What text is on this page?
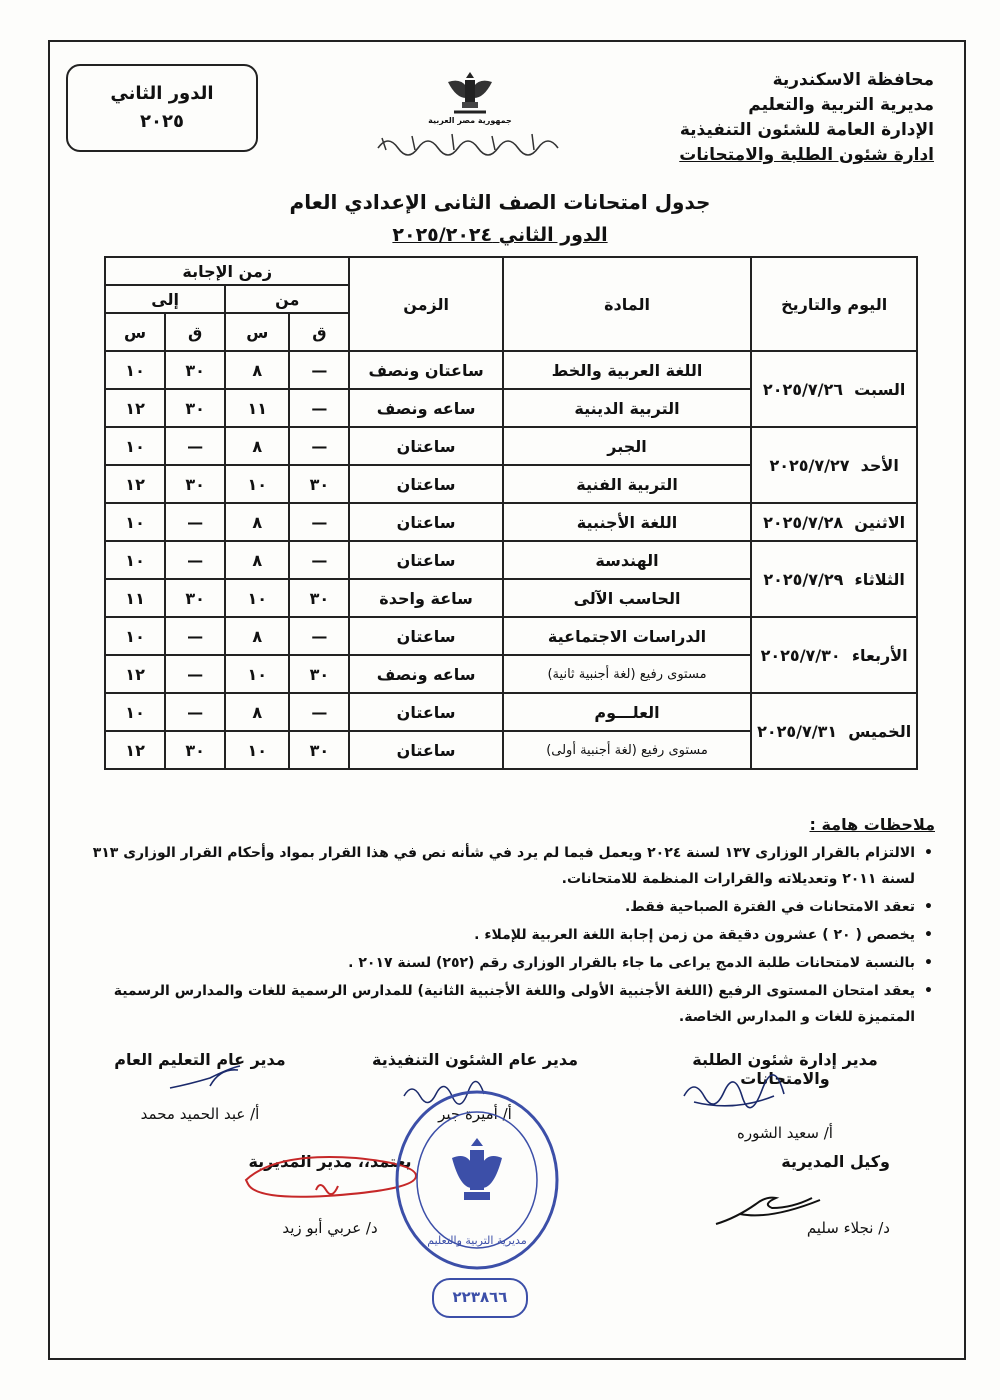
محافظة الاسكندرية
مديرية التربية والتعليم
الإدارة العامة للشئون التنفيذية
ادارة شئون الطلبة والامتحانات
جمهورية مصر العربية
الدور الثاني
٢٠٢٥
جدول امتحانات الصف الثانى الإعدادي العام
الدور الثاني ٢٠٢٥/٢٠٢٤
اليوم والتاريخ	المادة	الزمن	زمن الإجابة			
			من		إلى	
			ق	س	ق	س
السبت  ٢٠٢٥/٧/٢٦	اللغة العربية والخط	ساعتان ونصف	—	٨	٣٠	١٠
	التربية الدينية	ساعه ونصف	—	١١	٣٠	١٢
الأحد  ٢٠٢٥/٧/٢٧	الجبر	ساعتان	—	٨	—	١٠
	التربية الفنية	ساعتان	٣٠	١٠	٣٠	١٢
الاثنين  ٢٠٢٥/٧/٢٨	اللغة الأجنبية	ساعتان	—	٨	—	١٠
الثلاثاء  ٢٠٢٥/٧/٢٩	الهندسة	ساعتان	—	٨	—	١٠
	الحاسب الآلى	ساعة واحدة	٣٠	١٠	٣٠	١١
الأربعاء  ٢٠٢٥/٧/٣٠	الدراسات الاجتماعية	ساعتان	—	٨	—	١٠
	مستوى رفيع (لغة أجنبية ثانية)	ساعه ونصف	٣٠	١٠	—	١٢
الخميس  ٢٠٢٥/٧/٣١	العلـــوم	ساعتان	—	٨	—	١٠
	مستوى رفيع (لغة أجنبية أولى)	ساعتان	٣٠	١٠	٣٠	١٢
ملاحظات هامة :
• الالتزام بالقرار الوزارى ١٣٧ لسنة ٢٠٢٤ ويعمل فيما لم يرد في شأنه نص في هذا القرار بمواد وأحكام القرار الوزارى ٣١٣ لسنة ٢٠١١ وتعديلاته والقرارات المنظمة للامتحانات.
• تعقد الامتحانات في الفترة الصباحية فقط.
• يخصص ( ٢٠ ) عشرون دقيقة من زمن إجابة اللغة العربية للإملاء .
• بالنسبة لامتحانات طلبة الدمج يراعى ما جاء بالقرار الوزارى رقم (٢٥٢) لسنة ٢٠١٧ .
• يعقد امتحان المستوى الرفيع (اللغة الأجنبية الأولى واللغة الأجنبية الثانية) للمدارس الرسمية للغات والمدارس الرسمية المتميزة للغات و المدارس الخاصة.
مدير إدارة شئون الطلبة والامتحانات
أ/ سعيد الشوره
مدير عام الشئون التنفيذية
أ/ أميرة جبر
مدير عام التعليم العام
أ/ عبد الحميد محمد
وكيل المديرية
د/ نجلاء سليم
يعتمد،، مدير المديرية
د/ عربي أبو زيد
مديرية التربية والتعليم
٢٢٣٨٦٦
